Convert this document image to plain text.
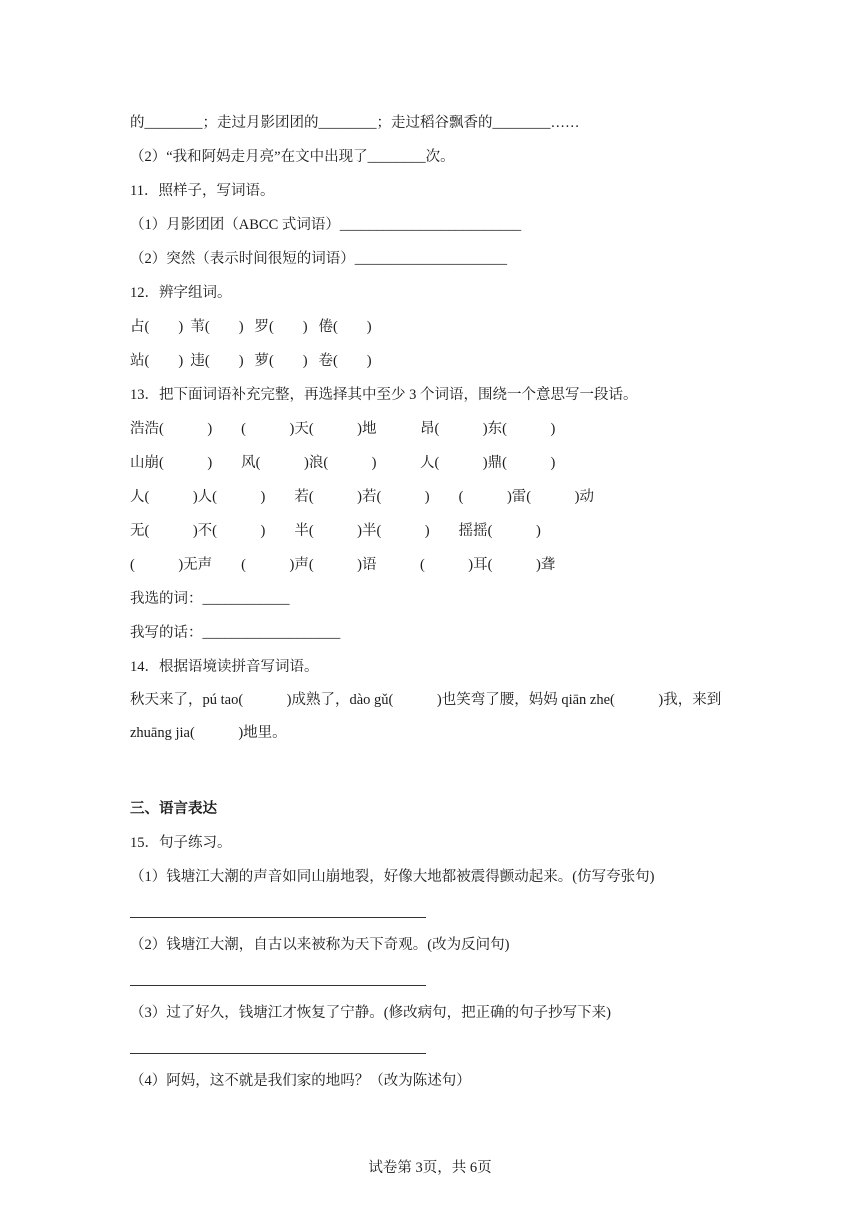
的________；走过月影团团的________；走过稻谷飘香的________……
（2）“我和阿妈走月亮”在文中出现了________次。
11．照样子，写词语。
（1）月影团团（ABCC 式词语）_________________________
（2）突然（表示时间很短的词语）_____________________
12．辨字组词。
占(　　)  苇(　　)   罗(　　)   倦(　　)
站(　　)  违(　　)   萝(　　)   卷(　　)
13．把下面词语补充完整，再选择其中至少 3 个词语，围绕一个意思写一段话。
浩浩(　　　)　　(　　　)天(　　　)地　　　昂(　　　)东(　　　)
山崩(　　　)　　风(　　　)浪(　　　)　　　人(　　　)鼎(　　　)
人(　　　)人(　　　)　　若(　　　)若(　　　)　　(　　　)雷(　　　)动
无(　　　)不(　　　)　　半(　　　)半(　　　)　　摇摇(　　　)
(　　　)无声　　(　　　)声(　　　)语　　　(　　　)耳(　　　)聋
我选的词：____________
我写的话：___________________
14．根据语境读拼音写词语。
秋天来了，pú tao(　　　)成熟了，dào gǔ(　　　)也笑弯了腰，妈妈 qiān zhe(　　　)我，来到
zhuāng jia(　　　)地里。
三、语言表达
15．句子练习。
（1）钱塘江大潮的声音如同山崩地裂，好像大地都被震得颤动起来。(仿写夸张句)
（2）钱塘江大潮，自古以来被称为天下奇观。(改为反问句)
（3）过了好久，钱塘江才恢复了宁静。(修改病句，把正确的句子抄写下来)
（4）阿妈，这不就是我们家的地吗？（改为陈述句）
试卷第 3页，共 6页
